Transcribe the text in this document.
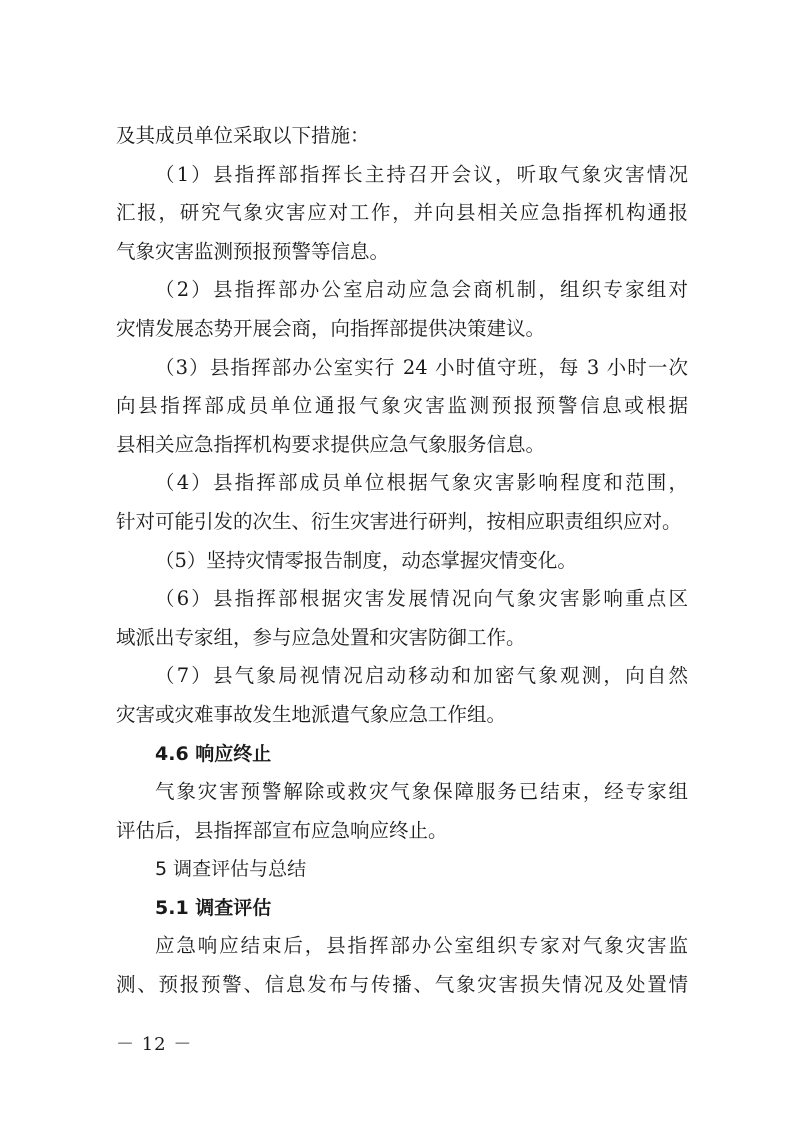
及其成员单位采取以下措施：
（1）县指挥部指挥长主持召开会议，听取气象灾害情况
汇报，研究气象灾害应对工作，并向县相关应急指挥机构通报
气象灾害监测预报预警等信息。
（2）县指挥部办公室启动应急会商机制，组织专家组对
灾情发展态势开展会商，向指挥部提供决策建议。
（3）县指挥部办公室实行 24 小时值守班，每 3 小时一次
向县指挥部成员单位通报气象灾害监测预报预警信息或根据
县相关应急指挥机构要求提供应急气象服务信息。
（4）县指挥部成员单位根据气象灾害影响程度和范围，
针对可能引发的次生、衍生灾害进行研判，按相应职责组织应对。
（5）坚持灾情零报告制度，动态掌握灾情变化。
（6）县指挥部根据灾害发展情况向气象灾害影响重点区
域派出专家组，参与应急处置和灾害防御工作。
（7）县气象局视情况启动移动和加密气象观测，向自然
灾害或灾难事故发生地派遣气象应急工作组。
4.6 响应终止
气象灾害预警解除或救灾气象保障服务已结束，经专家组
评估后，县指挥部宣布应急响应终止。
5 调查评估与总结
5.1 调查评估
应急响应结束后，县指挥部办公室组织专家对气象灾害监
测、预报预警、信息发布与传播、气象灾害损失情况及处置情
－ 12 －
